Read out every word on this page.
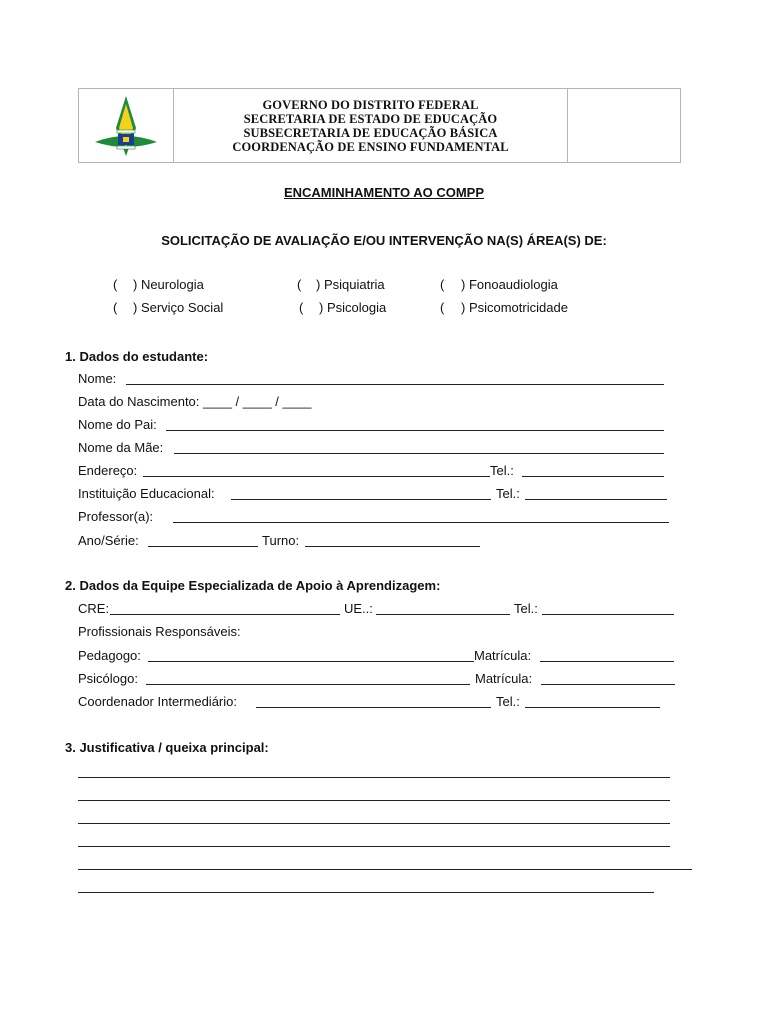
GOVERNO DO DISTRITO FEDERAL
SECRETARIA DE ESTADO DE EDUCAÇÃO
SUBSECRETARIA DE EDUCAÇÃO BÁSICA
COORDENAÇÃO DE ENSINO FUNDAMENTAL
ENCAMINHAMENTO AO COMPP
SOLICITAÇÃO DE AVALIAÇÃO E/OU INTERVENÇÃO NA(S) ÁREA(S) DE:
( ) Neurologia	( ) Psiquiatria	( ) Fonoaudiologia
( ) Serviço Social	( ) Psicologia	( ) Psicomotricidade
1. Dados do estudante:
Nome:
Data do Nascimento: ____ / ____ / ____
Nome do Pai:
Nome da Mãe:
Endereço:	Tel.:
Instituição Educacional:	Tel.:
Professor(a):
Ano/Série:	Turno:
2. Dados da Equipe Especializada de Apoio à Aprendizagem:
CRE:	UE..:	Tel.:
Profissionais Responsáveis:
Pedagogo:	Matrícula:
Psicólogo:	Matrícula:
Coordenador Intermediário:	Tel.:
3. Justificativa / queixa principal:
